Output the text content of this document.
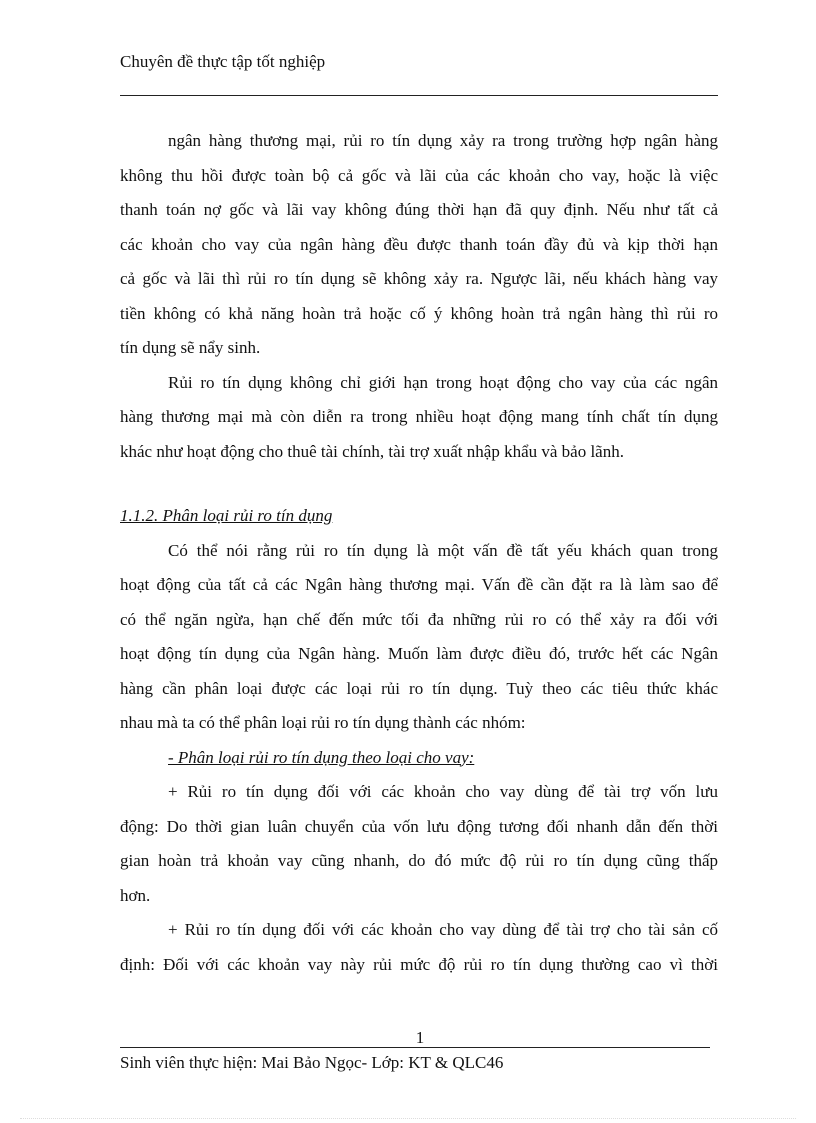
Chuyên đề thực tập tốt nghiệp

ngân hàng thương mại, rủi ro tín dụng xảy ra trong trường hợp ngân hàng

không thu hồi được toàn bộ cả gốc và lãi của các khoản cho vay, hoặc là việc

thanh toán nợ gốc và lãi vay không đúng thời hạn đã quy định. Nếu như tất cả

các khoản cho vay của ngân hàng đều được thanh toán đầy đủ và kịp thời hạn

cả gốc và lãi thì rủi ro tín dụng sẽ không xảy ra. Ngược lãi, nếu khách hàng vay

tiền không có khả năng hoàn trả hoặc cố ý không hoàn trả ngân hàng thì rủi ro

tín dụng sẽ nẩy sinh.

Rủi ro tín dụng không chỉ giới hạn trong hoạt động cho vay của các ngân

hàng thương mại mà còn diễn ra trong nhiều hoạt động mang tính chất tín dụng

khác như hoạt động cho thuê tài chính, tài trợ xuất nhập khẩu và bảo lãnh.

1.1.2. Phân loại rủi ro tín dụng

Có thể nói rằng rủi ro tín dụng là một vấn đề tất yếu khách quan trong

hoạt động của tất cả các Ngân hàng thương mại. Vấn đề cần đặt ra là làm sao để

có thể ngăn ngừa, hạn chế đến mức tối đa những rủi ro có thể xảy ra đối với

hoạt động tín dụng của Ngân hàng. Muốn làm được điều đó, trước hết các Ngân

hàng cần phân loại được các loại rủi ro tín dụng. Tuỳ theo các tiêu thức khác

nhau mà ta có thể phân loại rủi ro tín dụng thành các nhóm:

- Phân loại rủi ro tín dụng theo loại cho vay:

+ Rủi ro tín dụng đối với các khoản cho vay dùng để tài trợ vốn lưu

động: Do thời gian luân chuyển của vốn lưu động tương đối nhanh dẫn đến thời

gian hoàn trả khoản vay cũng nhanh, do đó mức độ rủi ro tín dụng cũng thấp

hơn.

+ Rủi ro tín dụng đối với các khoản cho vay dùng để tài trợ cho tài sản cố

định: Đối với các khoản vay này rủi mức độ rủi ro tín dụng thường cao vì thời

1
Sinh viên thực hiện: Mai Bảo Ngọc- Lớp: KT & QLC46
